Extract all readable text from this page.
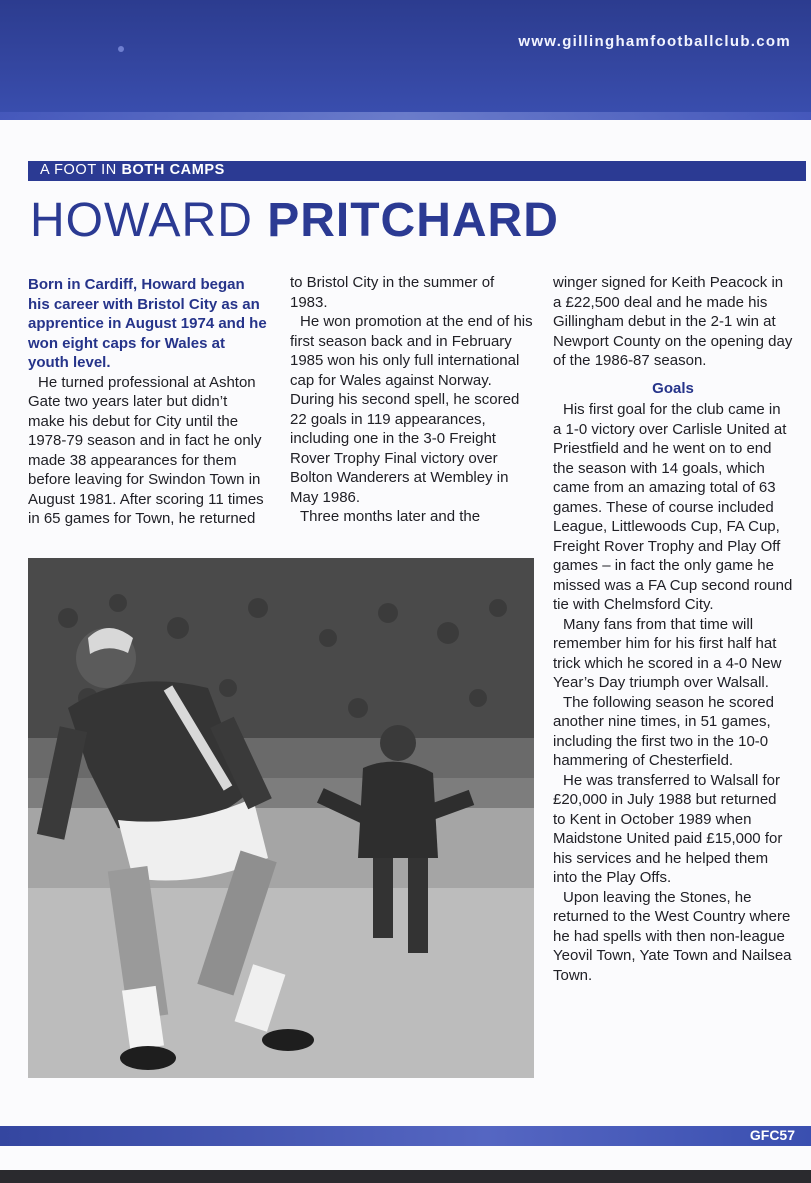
www.gillinghamfootballclub.com
A FOOT IN BOTH CAMPS
HOWARD PRITCHARD

Born in Cardiff, Howard began his career with Bristol City as an apprentice in August 1974 and he won eight caps for Wales at youth level.

He turned professional at Ashton Gate two years later but didn’t make his debut for City until the 1978-79 season and in fact he only made 38 appearances for them before leaving for Swindon Town in August 1981. After scoring 11 times in 65 games for Town, he returned

to Bristol City in the summer of 1983.

He won promotion at the end of his first season back and in February 1985 won his only full international cap for Wales against Norway. During his second spell, he scored 22 goals in 119 appearances, including one in the 3-0 Freight Rover Trophy Final victory over Bolton Wanderers at Wembley in May 1986.

Three months later and the

winger signed for Keith Peacock in a £22,500 deal and he made his Gillingham debut in the 2-1 win at Newport County on the opening day of the 1986-87 season.

Goals

His first goal for the club came in a 1-0 victory over Carlisle United at Priestfield and he went on to end the season with 14 goals, which came from an amazing total of 63 games. These of course included League, Littlewoods Cup, FA Cup, Freight Rover Trophy and Play Off games – in fact the only game he missed was a FA Cup second round tie with Chelmsford City.

Many fans from that time will remember him for his first half hat trick which he scored in a 4-0 New Year’s Day triumph over Walsall.

The following season he scored another nine times, in 51 games, including the first two in the 10-0 hammering of Chesterfield.

He was transferred to Walsall for £20,000 in July 1988 but returned to Kent in October 1989 when Maidstone United paid £15,000 for his services and he helped them into the Play Offs.

Upon leaving the Stones, he returned to the West Country where he had spells with then non-league Yeovil Town, Yate Town and Nailsea Town.

GFC57
